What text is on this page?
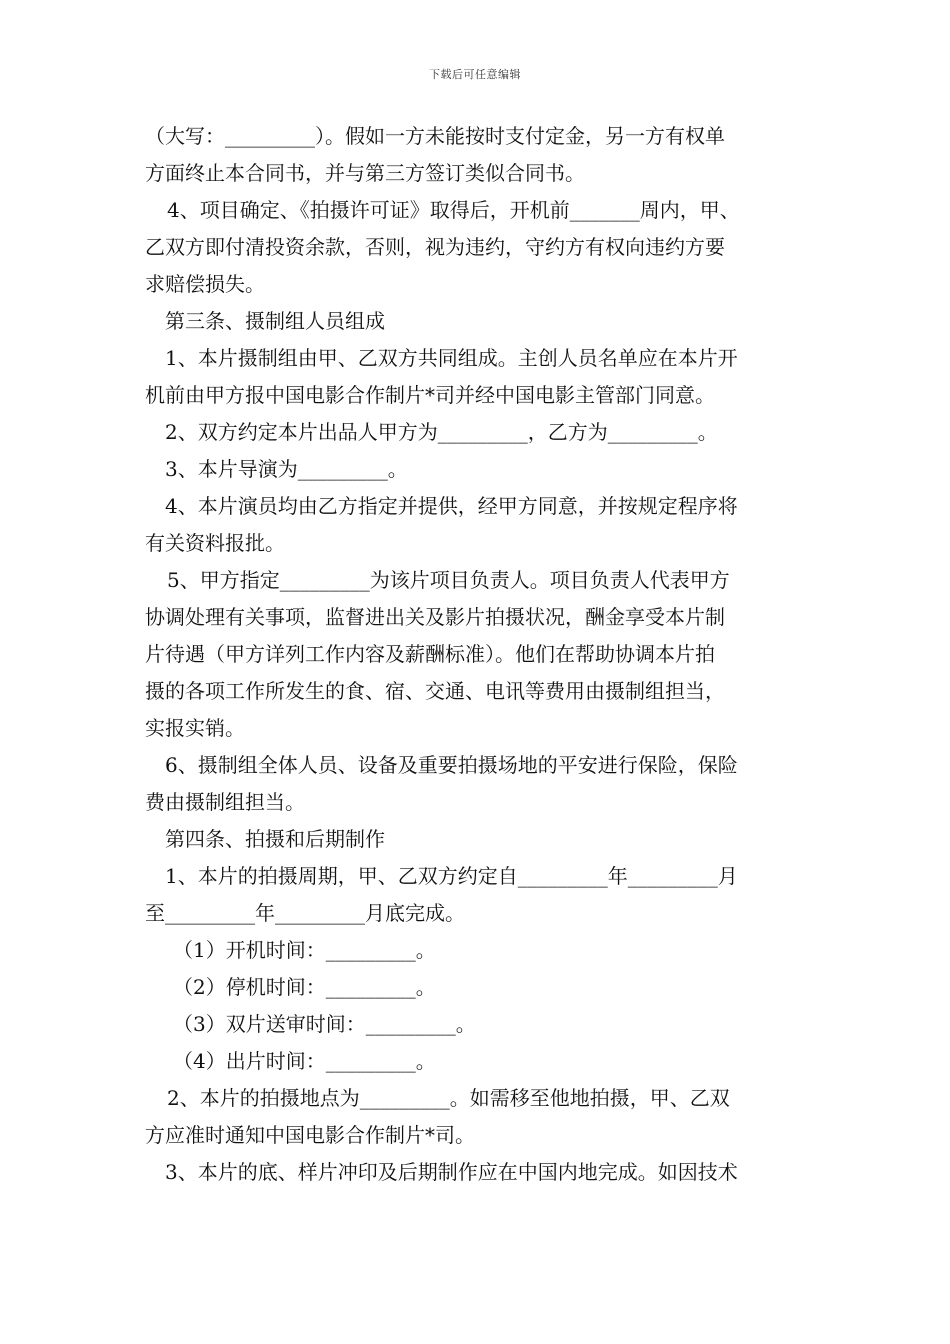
下载后可任意编辑
（大写：_________）。假如一方未能按时支付定金，另一方有权单
方面终止本合同书，并与第三方签订类似合同书。
4、项目确定、《拍摄许可证》取得后，开机前_______周内，甲、
乙双方即付清投资余款，否则，视为违约，守约方有权向违约方要
求赔偿损失。
第三条、摄制组人员组成
1、本片摄制组由甲、乙双方共同组成。主创人员名单应在本片开
机前由甲方报中国电影合作制片*司并经中国电影主管部门同意。
2、双方约定本片出品人甲方为_________，乙方为_________。
3、本片导演为_________。
4、本片演员均由乙方指定并提供，经甲方同意，并按规定程序将
有关资料报批。
5、甲方指定_________为该片项目负责人。项目负责人代表甲方
协调处理有关事项，监督进出关及影片拍摄状况，酬金享受本片制
片待遇（甲方详列工作内容及薪酬标准）。他们在帮助协调本片拍
摄的各项工作所发生的食、宿、交通、电讯等费用由摄制组担当，
实报实销。
6、摄制组全体人员、设备及重要拍摄场地的平安进行保险，保险
费由摄制组担当。
第四条、拍摄和后期制作
1、本片的拍摄周期，甲、乙双方约定自_________年_________月
至_________年_________月底完成。
（1）开机时间：_________。
（2）停机时间：_________。
（3）双片送审时间：_________。
（4）出片时间：_________。
2、本片的拍摄地点为_________。如需移至他地拍摄，甲、乙双
方应准时通知中国电影合作制片*司。
3、本片的底、样片冲印及后期制作应在中国内地完成。如因技术
